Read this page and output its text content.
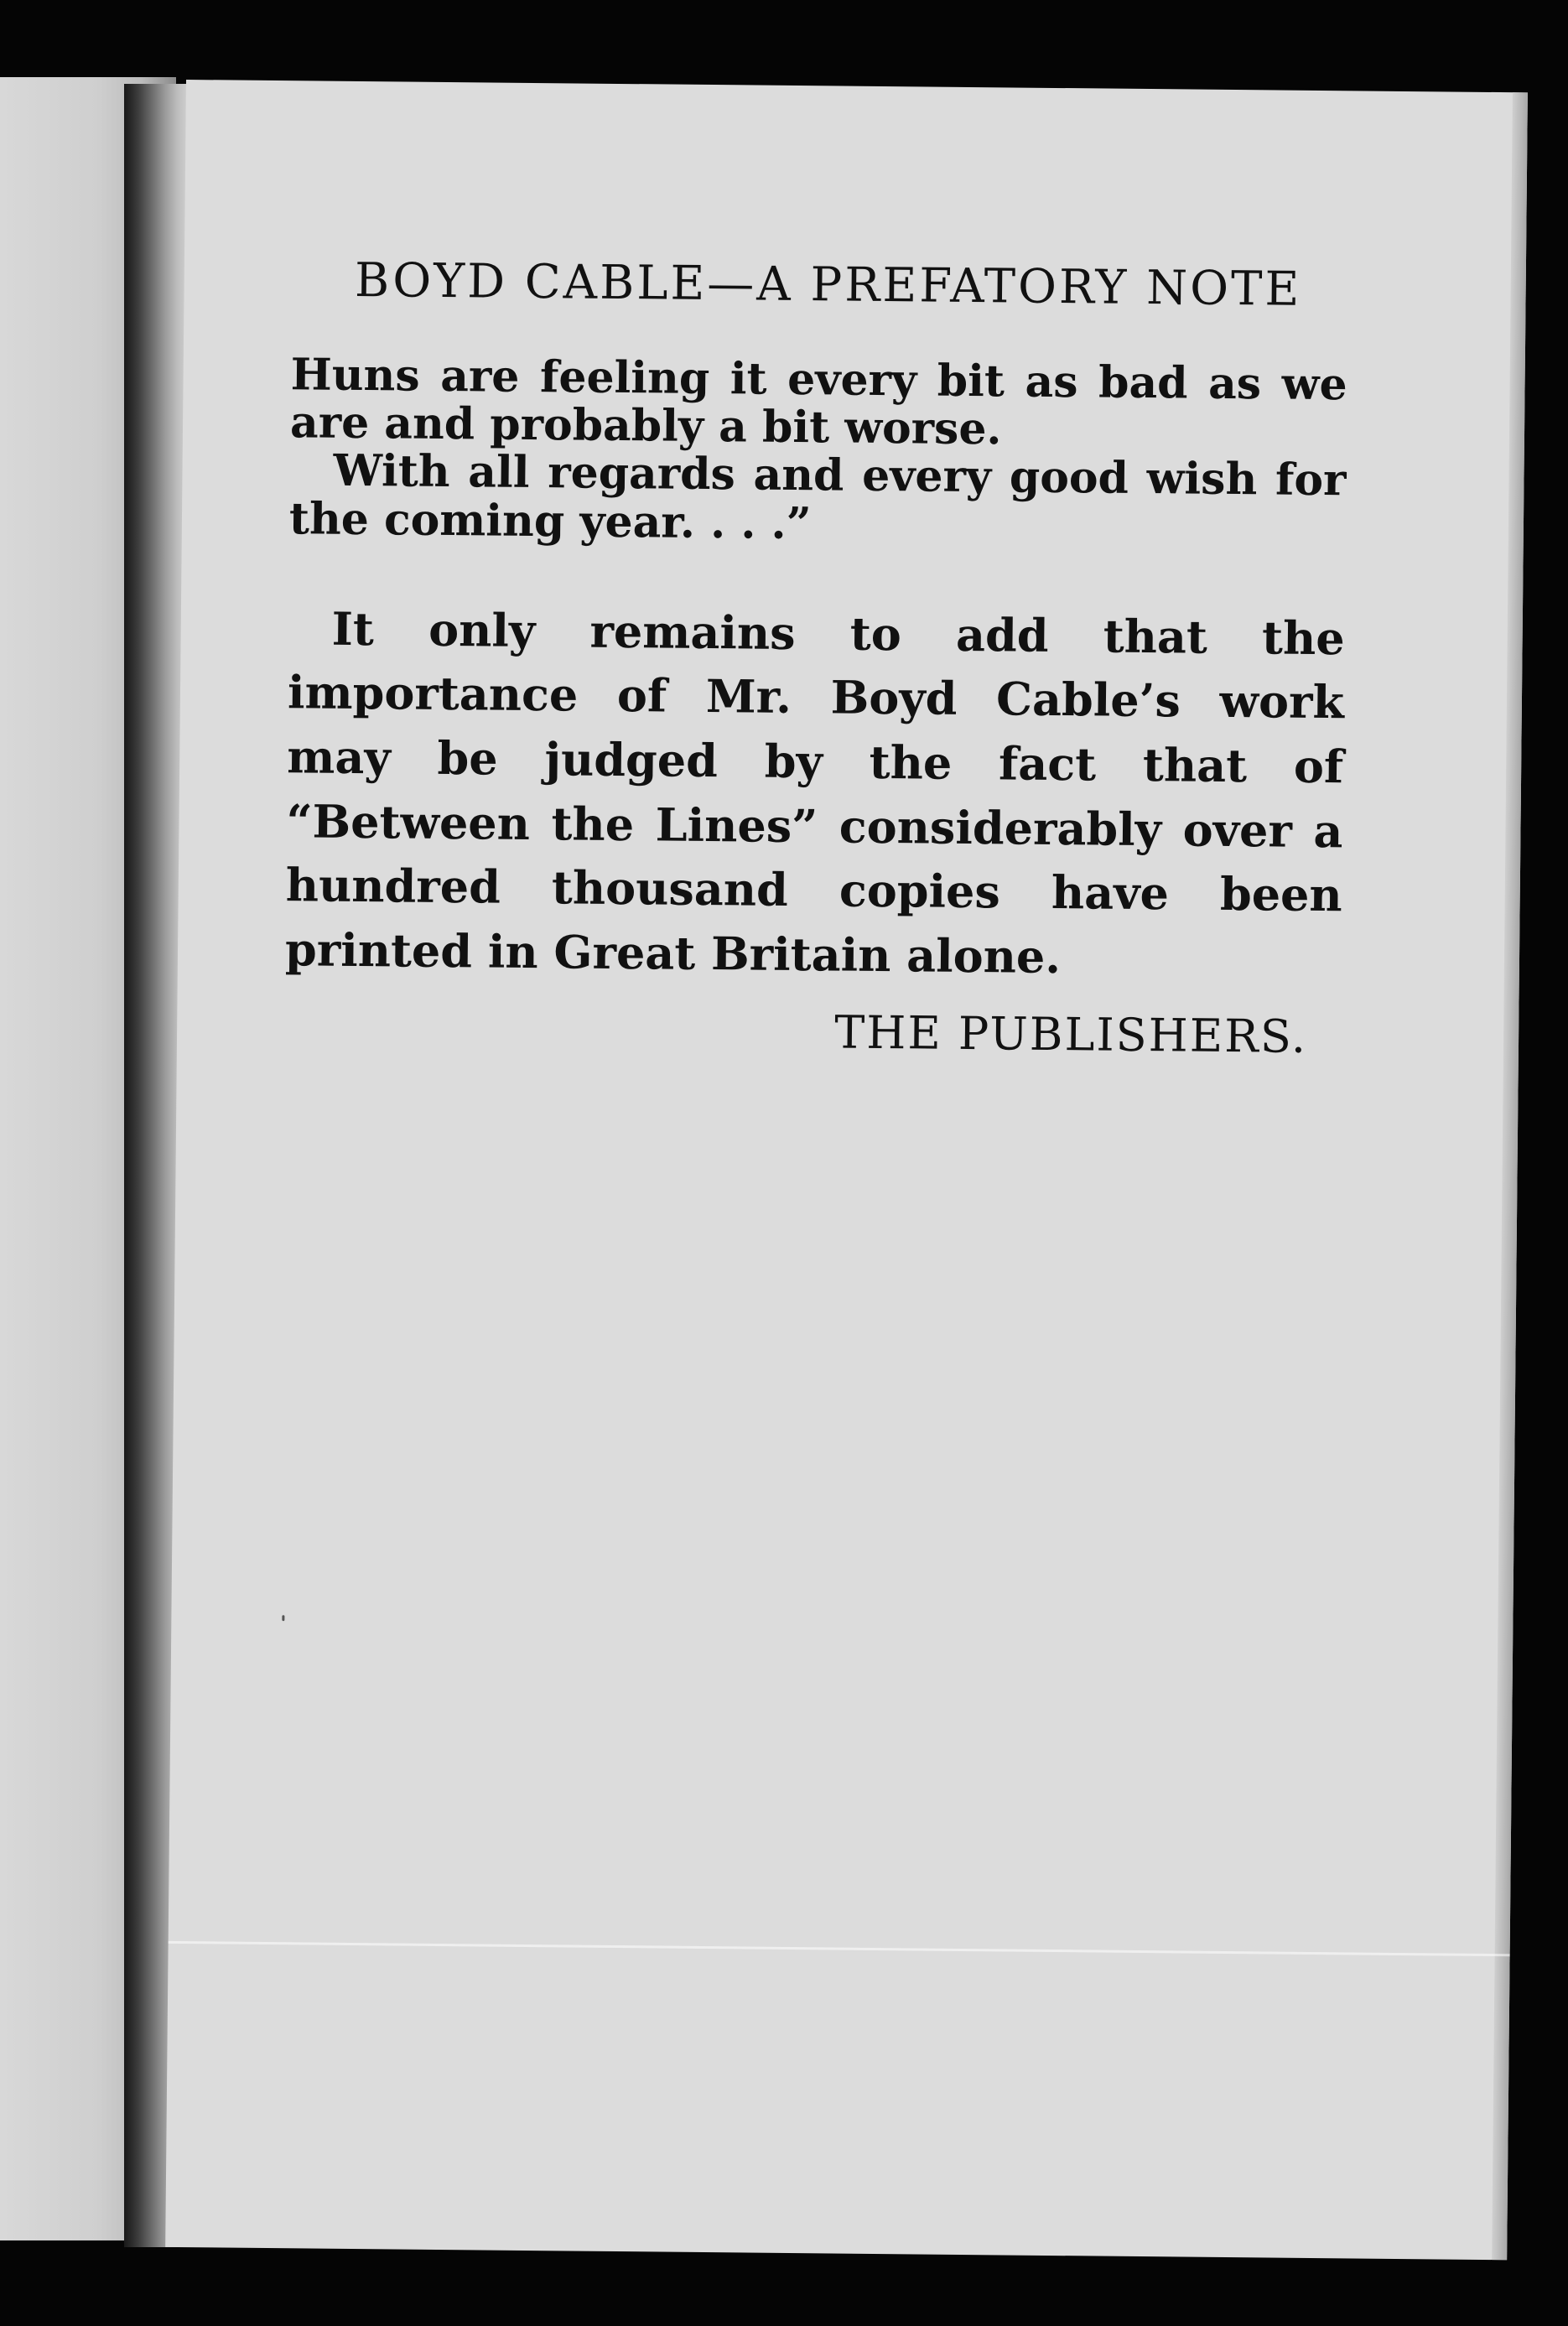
BOYD CABLE—A PREFATORY NOTE

Huns are feeling it every bit as bad as we are and probably a bit worse.

With all regards and every good wish for the coming year. . . .”

It only remains to add that the importance of Mr. Boyd Cable’s work may be judged by the fact that of “Between the Lines” considerably over a hundred thousand copies have been printed in Great Britain alone.

THE PUBLISHERS.
